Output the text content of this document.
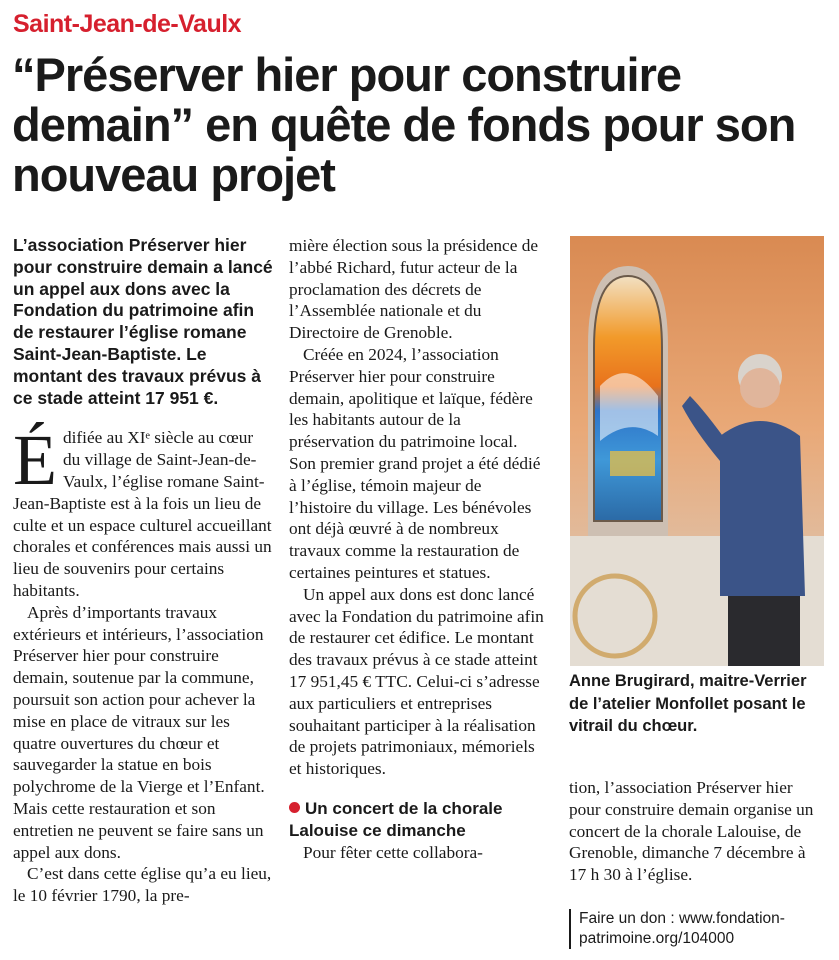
Saint-Jean-de-Vaulx
“Préserver hier pour construire demain” en quête de fonds pour son nouveau projet

L’association Préserver hier pour construire demain a lancé un appel aux dons avec la Fondation du patrimoine afin de restaurer l’église romane Saint-Jean-Baptiste. Le montant des travaux prévus à ce stade atteint 17 951 €.

É difiée au XIᵉ siècle au cœur du village de Saint-Jean-de-Vaulx, l’église romane Saint-Jean-Baptiste est à la fois un lieu de culte et un espace culturel accueillant chorales et conférences mais aussi un lieu de souvenirs pour certains habitants.

Après d’importants travaux extérieurs et intérieurs, l’association Préserver hier pour construire demain, soutenue par la commune, poursuit son action pour achever la mise en place de vitraux sur les quatre ouvertures du chœur et sauvegarder la statue en bois polychrome de la Vierge et l’Enfant. Mais cette restauration et son entretien ne peuvent se faire sans un appel aux dons.

C’est dans cette église qu’a eu lieu, le 10 février 1790, la pre-

mière élection sous la présidence de l’abbé Richard, futur acteur de la proclamation des décrets de l’Assemblée nationale et du Directoire de Grenoble.

Créée en 2024, l’association Préserver hier pour construire demain, apolitique et laïque, fédère les habitants autour de la préservation du patrimoine local. Son premier grand projet a été dédié à l’église, témoin majeur de l’histoire du village. Les bénévoles ont déjà œuvré à de nombreux travaux comme la restauration de certaines peintures et statues.

Un appel aux dons est donc lancé avec la Fondation du patrimoine afin de restaurer cet édifice. Le montant des travaux prévus à ce stade atteint 17 951,45 € TTC. Celui-ci s’adresse aux particuliers et entreprises souhaitant participer à la réalisation de projets patrimoniaux, mémoriels et historiques.

Un concert de la chorale Lalouise ce dimanche

Pour fêter cette collabora-

Anne Brugirard, maitre-Verrier de l’atelier Monfollet posant le vitrail du chœur.

tion, l’association Préserver hier pour construire demain organise un concert de la chorale Lalouise, de Grenoble, dimanche 7 décembre à 17 h 30 à l’église.

Faire un don : www.fondation-

patrimoine.org/104000
